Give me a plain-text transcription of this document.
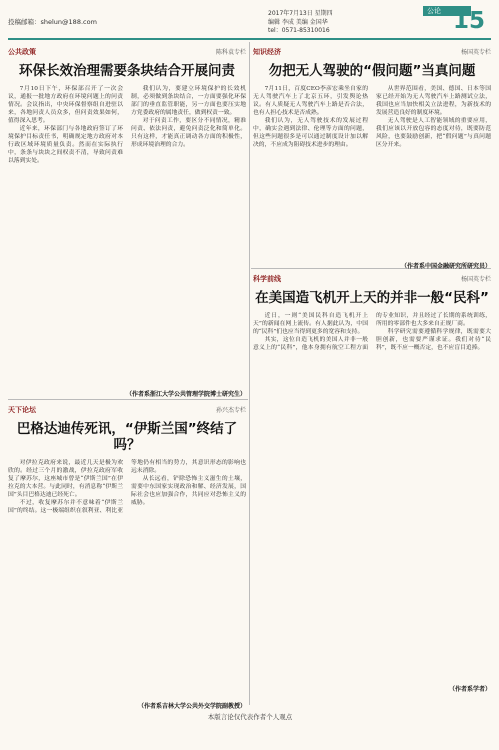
投稿邮箱：shelun@188.com
2017年7月13日 星期四
编辑 李成 美编 金国华
tel：0571-85310016
公论 15
公共政策	陈科袁专栏
环保长效治理需要条块结合开展问责

7月10日下午，环保部召开了一次会议，通报一批地方政府在环境问题上的问责情况。会议指出，中央环保督察组自进驻以来，各地问责人员众多，但问责效果如何，值得深入思考。

近年来，环保部门与各地政府签订了环境保护目标责任书，明确规定地方政府对本行政区域环境质量负责。然而在实际执行中，条条与块块之间权责不清，导致问责难以落到实处。

我们认为，要建立环境保护的长效机制，必须做到条块结合，一方面要强化环保部门的垂直监管职能，另一方面也要压实地方党委政府的属地责任，做到权责一致。

对于问责工作，要区分不同情况，精准问责、依法问责，避免问责泛化和简单化。只有这样，才能真正调动各方面的积极性，形成环境治理的合力。

（作者系浙江大学公共管理学院博士研究生）
知识经济	杨国英专栏
勿把无人驾驶的“假问题”当真问题

7月11日，百度CEO李彦宏乘坐自家的无人驾驶汽车上了北京五环，引发舆论热议。有人质疑无人驾驶汽车上路是否合法，也有人担心技术是否成熟。

我们认为，无人驾驶技术的发展过程中，确实会遇到法律、伦理等方面的问题，但这些问题很多是可以通过制度设计加以解决的，不应成为阻碍技术进步的理由。

从世界范围看，美国、德国、日本等国家已经开始为无人驾驶汽车上路测试立法，我国也应当加快相关立法进程，为新技术的发展营造良好的制度环境。

无人驾驶是人工智能领域的重要应用，我们应该以开放包容的态度对待，既要防范风险，也要鼓励创新，把“假问题”与真问题区分开来。

（作者系中国金融研究所研究员）
天下论坛	孙兴杰专栏
巴格达迪传死讯，“伊斯兰国”终结了吗？

对伊拉克政府来说，最近几天是极为欢欣的。经过三个月的激战，伊拉克政府军收复了摩苏尔，这座城市曾是“伊斯兰国”在伊拉克的大本营。与此同时，有消息称“伊斯兰国”头目巴格达迪已经死亡。

不过，收复摩苏尔并不意味着“伊斯兰国”的终结。这一极端组织在叙利亚、利比亚等地仍有相当的势力，其意识形态的影响也远未消除。

从长远看，铲除恐怖主义滋生的土壤，需要中东国家实现政治和解、经济发展，国际社会也应加强合作，共同应对恐怖主义的威胁。

（作者系吉林大学公共外交学院副教授）
科学前线	杨国英专栏
在美国造飞机开上天的并非一般“民科”

近日，一则“美国民科自造飞机开上天”的新闻在网上流传。有人据此认为，中国的“民科”们也应当得到更多的宽容和支持。

其实，这位自造飞机的美国人并非一般意义上的“民科”，他本身拥有航空工程方面的专业知识，并且经过了长期的系统训练，所用的零部件也大多来自正规厂商。

科学研究需要遵循科学规律，既需要大胆创新，也需要严谨求证。我们对待“民科”，既不应一概否定，也不应盲目追捧。

（作者系学者）
本版言论仅代表作者个人观点
